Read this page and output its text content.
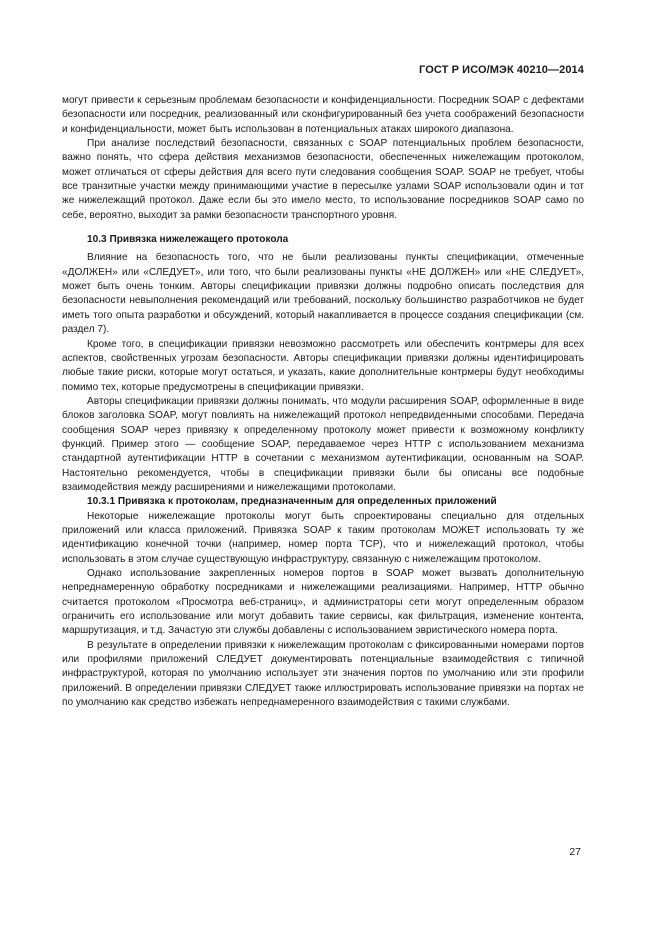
ГОСТ Р ИСО/МЭК 40210—2014

могут привести к серьезным проблемам безопасности и конфиденциальности. Посредник SOAP с дефектами безопасности или посредник, реализованный или сконфигурированный без учета соображений безопасности и конфиденциальности, может быть использован в потенциальных атаках широкого диапазона.

При анализе последствий безопасности, связанных с SOAP потенциальных проблем безопасности, важно понять, что сфера действия механизмов безопасности, обеспеченных нижележащим протоколом, может отличаться от сферы действия для всего пути следования сообщения SOAP. SOAP не требует, чтобы все транзитные участки между принимающими участие в пересылке узлами SOAP использовали один и тот же нижележащий протокол. Даже если бы это имело место, то использование посредников SOAP само по себе, вероятно, выходит за рамки безопасности транспортного уровня.

10.3 Привязка нижележащего протокола

Влияние на безопасность того, что не были реализованы пункты спецификации, отмеченные «ДОЛЖЕН» или «СЛЕДУЕТ», или того, что были реализованы пункты «НЕ ДОЛЖЕН» или «НЕ СЛЕДУЕТ», может быть очень тонким. Авторы спецификации привязки должны подробно описать последствия для безопасности невыполнения рекомендаций или требований, поскольку большинство разработчиков не будет иметь того опыта разработки и обсуждений, который накапливается в процессе создания спецификации (см. раздел 7).

Кроме того, в спецификации привязки невозможно рассмотреть или обеспечить контрмеры для всех аспектов, свойственных угрозам безопасности. Авторы спецификации привязки должны идентифицировать любые такие риски, которые могут остаться, и указать, какие дополнительные контрмеры будут необходимы помимо тех, которые предусмотрены в спецификации привязки.

Авторы спецификации привязки должны понимать, что модули расширения SOAP, оформленные в виде блоков заголовка SOAP, могут повлиять на нижележащий протокол непредвиденными способами. Передача сообщения SOAP через привязку к определенному протоколу может привести к возможному конфликту функций. Пример этого — сообщение SOAP, передаваемое через HTTP с использованием механизма стандартной аутентификации HTTP в сочетании с механизмом аутентификации, основанным на SOAP. Настоятельно рекомендуется, чтобы в спецификации привязки были бы описаны все подобные взаимодействия между расширениями и нижележащими протоколами.

10.3.1 Привязка к протоколам, предназначенным для определенных приложений

Некоторые нижележащие протоколы могут быть спроектированы специально для отдельных приложений или класса приложений. Привязка SOAP к таким протоколам МОЖЕТ использовать ту же идентификацию конечной точки (например, номер порта TCP), что и нижележащий протокол, чтобы использовать в этом случае существующую инфраструктуру, связанную с нижележащим протоколом.

Однако использование закрепленных номеров портов в SOAP может вызвать дополнительную непреднамеренную обработку посредниками и нижележащими реализациями. Например, HTTP обычно считается протоколом «Просмотра веб-страниц», и администраторы сети могут определенным образом ограничить его использование или могут добавить такие сервисы, как фильтрация, изменение контента, маршрутизация, и т.д. Зачастую эти службы добавлены с использованием эвристического номера порта.

В результате в определении привязки к нижележащим протоколам с фиксированными номерами портов или профилями приложений СЛЕДУЕТ документировать потенциальные взаимодействия с типичной инфраструктурой, которая по умолчанию использует эти значения портов по умолчанию или эти профили приложений. В определении привязки СЛЕДУЕТ также иллюстрировать использование привязки на портах не по умолчанию как средство избежать непреднамеренного взаимодействия с такими службами.

27
